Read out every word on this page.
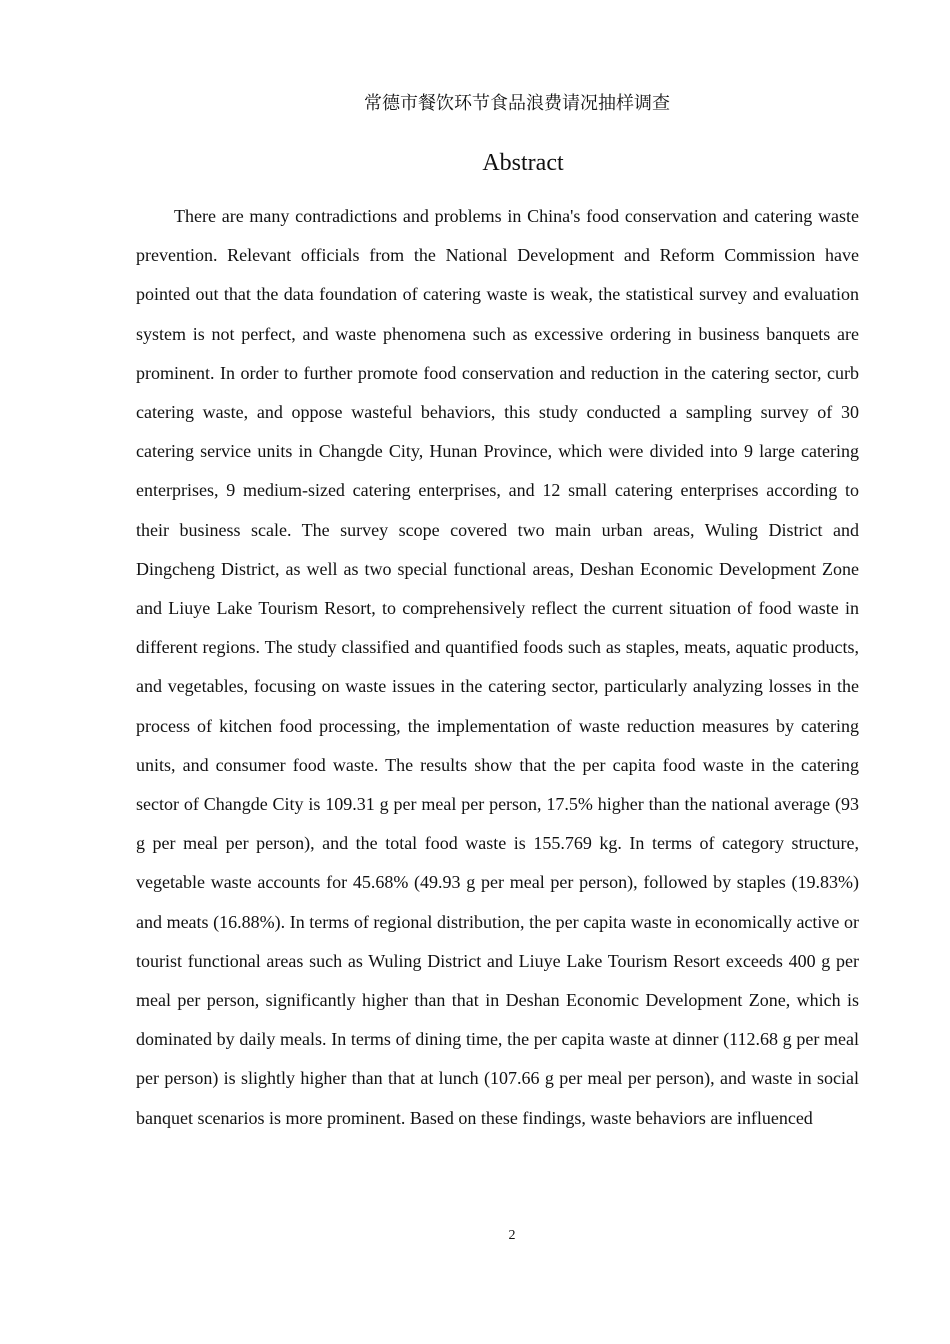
常德市餐饮环节食品浪费请况抽样调查
Abstract

There are many contradictions and problems in China's food conservation and catering waste prevention. Relevant officials from the National Development and Reform Commission have pointed out that the data foundation of catering waste is weak, the statistical survey and evaluation system is not perfect, and waste phenomena such as excessive ordering in business banquets are prominent. In order to further promote food conservation and reduction in the catering sector, curb catering waste, and oppose wasteful behaviors, this study conducted a sampling survey of 30 catering service units in Changde City, Hunan Province, which were divided into 9 large catering enterprises, 9 medium-sized catering enterprises, and 12 small catering enterprises according to their business scale. The survey scope covered two main urban areas, Wuling District and Dingcheng District, as well as two special functional areas, Deshan Economic Development Zone and Liuye Lake Tourism Resort, to comprehensively reflect the current situation of food waste in different regions. The study classified and quantified foods such as staples, meats, aquatic products, and vegetables, focusing on waste issues in the catering sector, particularly analyzing losses in the process of kitchen food processing, the implementation of waste reduction measures by catering units, and consumer food waste. The results show that the per capita food waste in the catering sector of Changde City is 109.31 g per meal per person, 17.5% higher than the national average (93 g per meal per person), and the total food waste is 155.769 kg. In terms of category structure, vegetable waste accounts for 45.68% (49.93 g per meal per person), followed by staples (19.83%) and meats (16.88%). In terms of regional distribution, the per capita waste in economically active or tourist functional areas such as Wuling District and Liuye Lake Tourism Resort exceeds 400 g per meal per person, significantly higher than that in Deshan Economic Development Zone, which is dominated by daily meals. In terms of dining time, the per capita waste at dinner (112.68 g per meal per person) is slightly higher than that at lunch (107.66 g per meal per person), and waste in social banquet scenarios is more prominent. Based on these findings, waste behaviors are influenced

2
